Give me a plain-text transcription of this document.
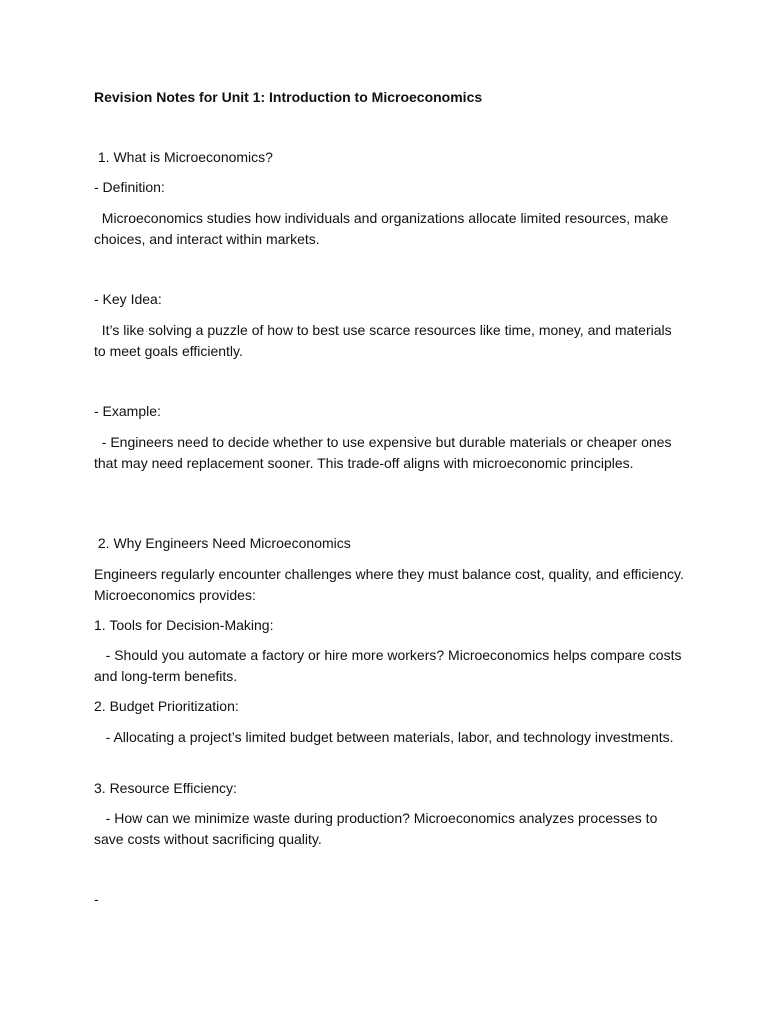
Revision Notes for Unit 1: Introduction to Microeconomics

1. What is Microeconomics?

- Definition:

Microeconomics studies how individuals and organizations allocate limited resources, make choices, and interact within markets.

- Key Idea:

It’s like solving a puzzle of how to best use scarce resources like time, money, and materials to meet goals efficiently.

- Example:

- Engineers need to decide whether to use expensive but durable materials or cheaper ones that may need replacement sooner. This trade-off aligns with microeconomic principles.

2. Why Engineers Need Microeconomics

Engineers regularly encounter challenges where they must balance cost, quality, and efficiency. Microeconomics provides:

1. Tools for Decision-Making:

- Should you automate a factory or hire more workers? Microeconomics helps compare costs and long-term benefits.

2. Budget Prioritization:

- Allocating a project’s limited budget between materials, labor, and technology investments.

3. Resource Efficiency:

- How can we minimize waste during production? Microeconomics analyzes processes to save costs without sacrificing quality.

-
